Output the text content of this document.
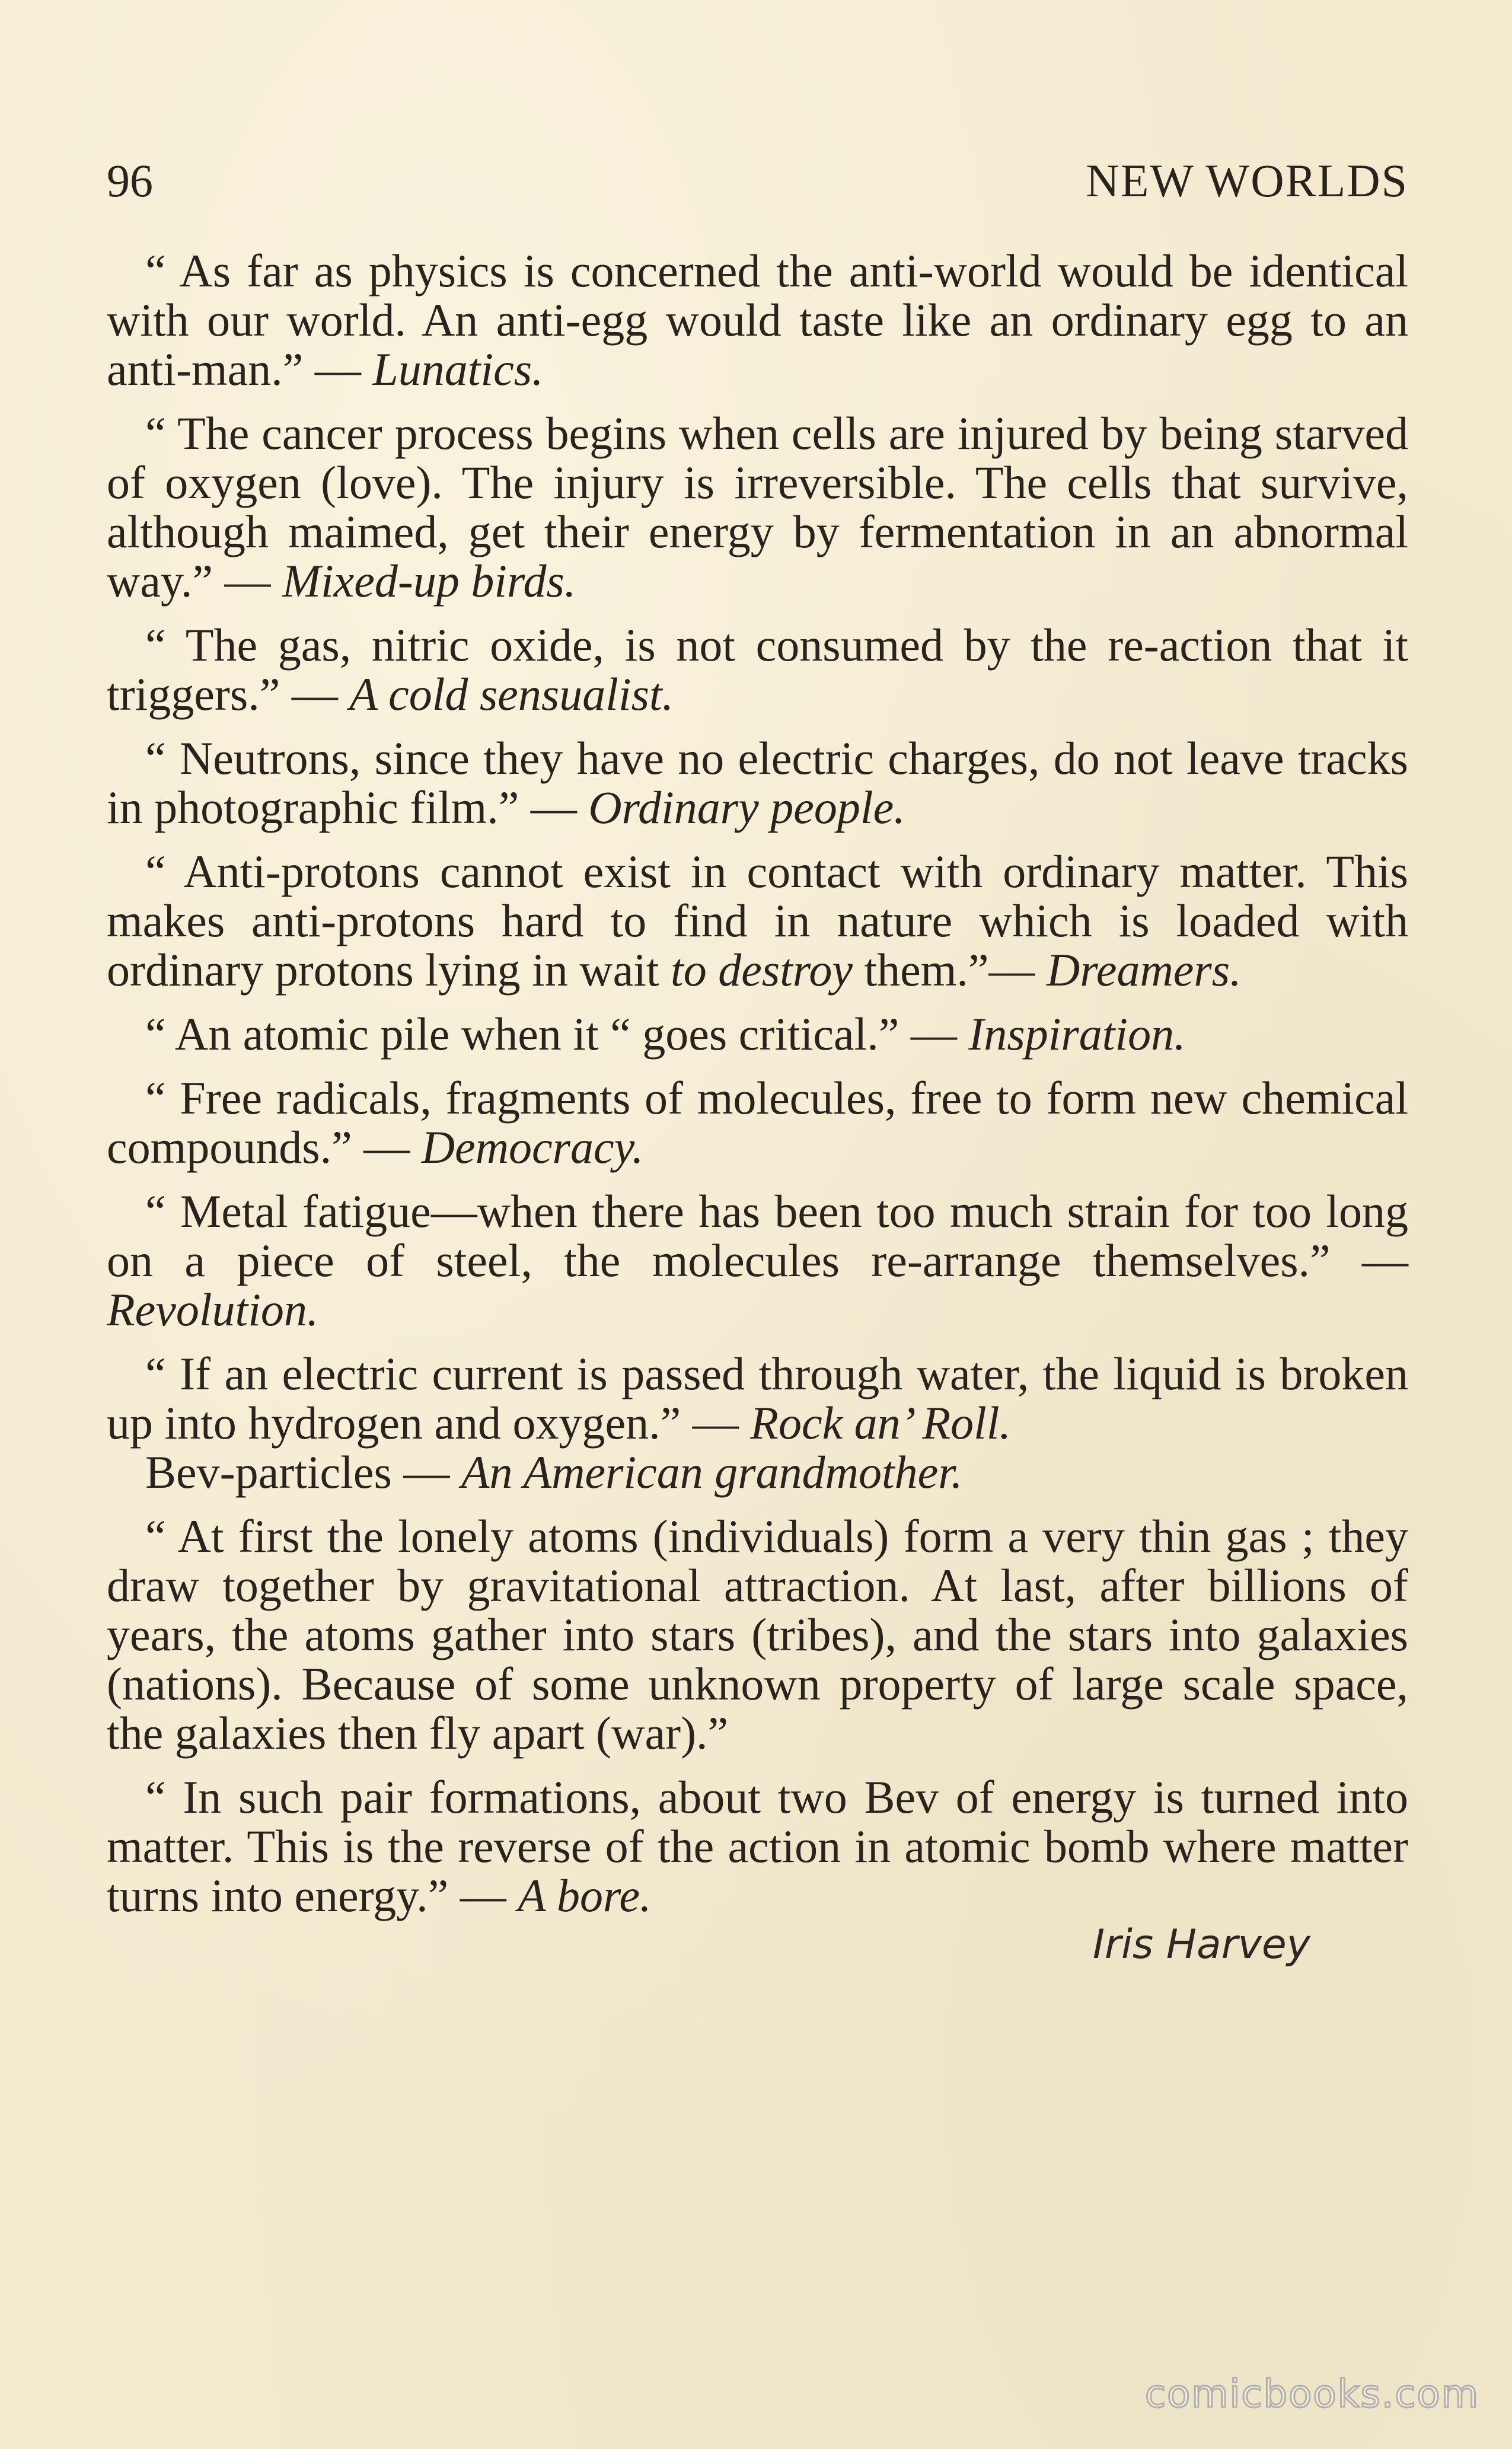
96	NEW WORLDS

“ As far as physics is concerned the anti-world would be identical with our world. An anti-egg would taste like an ordinary egg to an anti-man.” — Lunatics.

“ The cancer process begins when cells are injured by being starved of oxygen (love). The injury is irreversible. The cells that survive, although maimed, get their energy by fermentation in an abnormal way.” — Mixed-up birds.

“ The gas, nitric oxide, is not consumed by the re-action that it triggers.” — A cold sensualist.

“ Neutrons, since they have no electric charges, do not leave tracks in photographic film.” — Ordinary people.

“ Anti-protons cannot exist in contact with ordinary matter. This makes anti-protons hard to find in nature which is loaded with ordinary protons lying in wait to destroy them.”— Dreamers.

“ An atomic pile when it “ goes critical.” — Inspiration.

“ Free radicals, fragments of molecules, free to form new chemical compounds.” — Democracy.

“ Metal fatigue—when there has been too much strain for too long on a piece of steel, the molecules re-arrange themselves.” — Revolution.

“ If an electric current is passed through water, the liquid is broken up into hydrogen and oxygen.” — Rock an’ Roll.

Bev-particles — An American grandmother.

“ At first the lonely atoms (individuals) form a very thin gas ; they draw together by gravitational attraction. At last, after billions of years, the atoms gather into stars (tribes), and the stars into galaxies (nations). Because of some unknown property of large scale space, the galaxies then fly apart (war).”

“ In such pair formations, about two Bev of energy is turned into matter. This is the reverse of the action in atomic bomb where matter turns into energy.” — A bore.

Iris Harvey
comicbooks.com
